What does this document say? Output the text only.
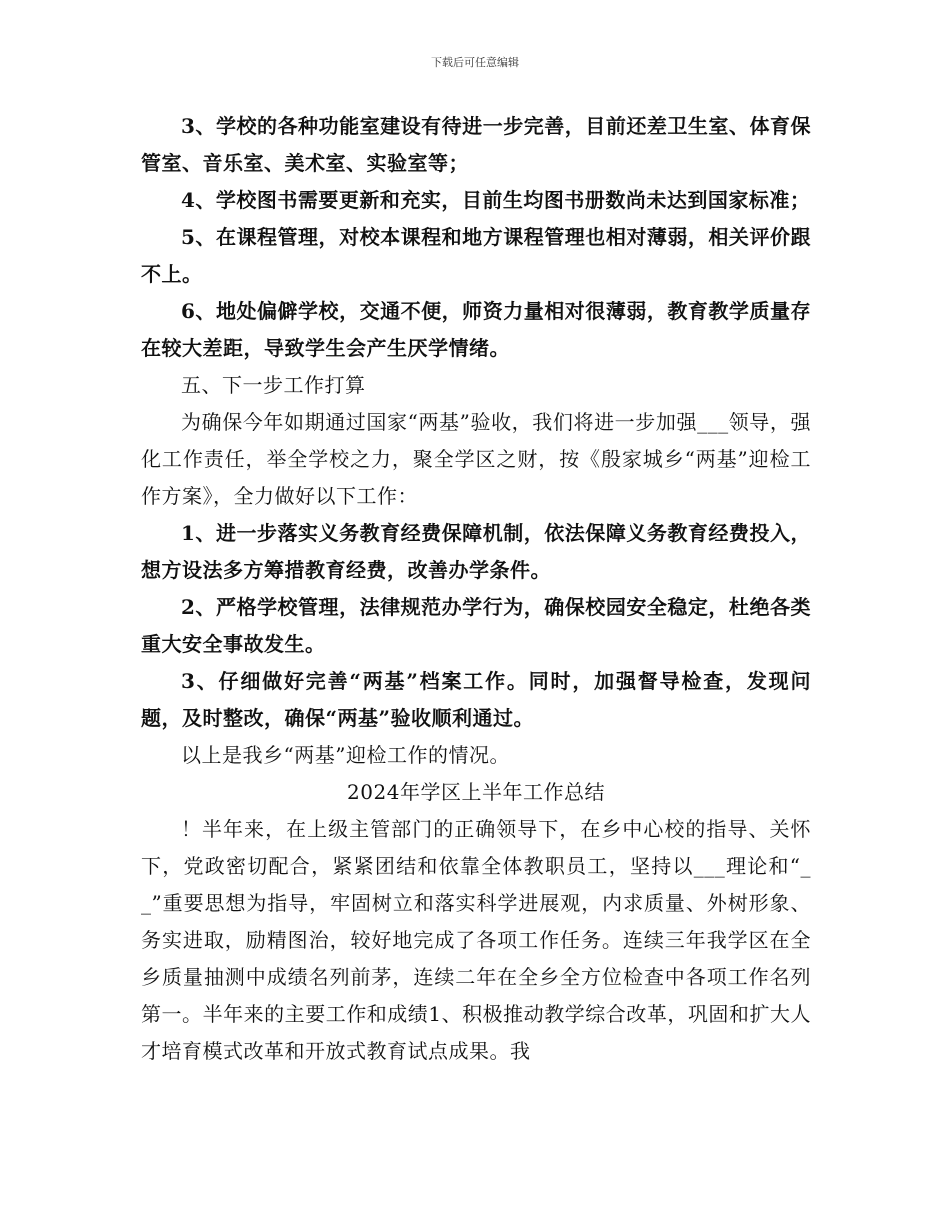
下载后可任意编辑

3、学校的各种功能室建设有待进一步完善，目前还差卫生室、体育保管室、音乐室、美术室、实验室等；

4、学校图书需要更新和充实，目前生均图书册数尚未达到国家标准；

5、在课程管理，对校本课程和地方课程管理也相对薄弱，相关评价跟不上。

6、地处偏僻学校，交通不便，师资力量相对很薄弱，教育教学质量存在较大差距，导致学生会产生厌学情绪。

五、下一步工作打算

为确保今年如期通过国家“两基”验收，我们将进一步加强___领导，强化工作责任，举全学校之力，聚全学区之财，按《殷家城乡“两基”迎检工作方案》，全力做好以下工作：

1、进一步落实义务教育经费保障机制，依法保障义务教育经费投入，想方设法多方筹措教育经费，改善办学条件。

2、严格学校管理，法律规范办学行为，确保校园安全稳定，杜绝各类重大安全事故发生。

3、仔细做好完善“两基”档案工作。同时，加强督导检查，发现问题，及时整改，确保“两基”验收顺利通过。

以上是我乡“两基”迎检工作的情况。

2024年学区上半年工作总结

！半年来，在上级主管部门的正确领导下，在乡中心校的指导、关怀下，党政密切配合，紧紧团结和依靠全体教职员工，坚持以___理论和“__”重要思想为指导，牢固树立和落实科学进展观，内求质量、外树形象、务实进取，励精图治，较好地完成了各项工作任务。连续三年我学区在全乡质量抽测中成绩名列前茅，连续二年在全乡全方位检查中各项工作名列第一。半年来的主要工作和成绩1、积极推动教学综合改革，巩固和扩大人才培育模式改革和开放式教育试点成果。我
